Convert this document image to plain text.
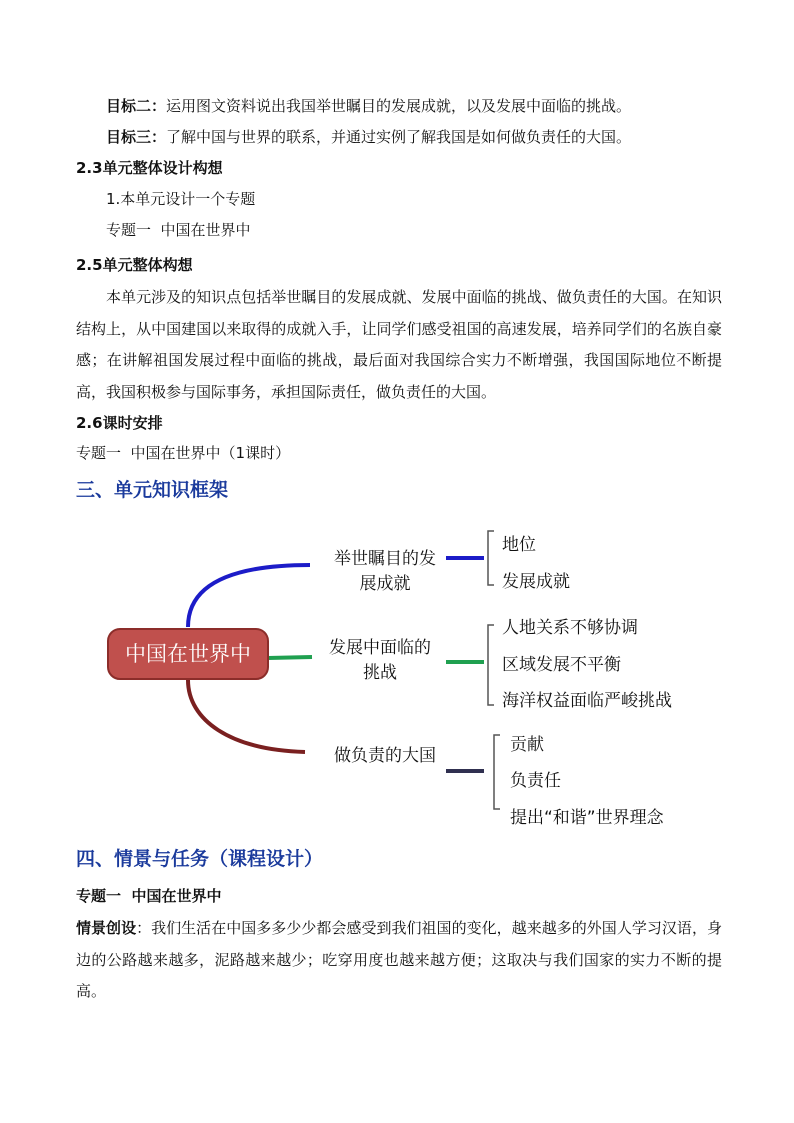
目标二：运用图文资料说出我国举世瞩目的发展成就，以及发展中面临的挑战。
目标三：了解中国与世界的联系，并通过实例了解我国是如何做负责任的大国。
2.3单元整体设计构想
1.本单元设计一个专题
专题一  中国在世界中
2.5单元整体构想
本单元涉及的知识点包括举世瞩目的发展成就、发展中面临的挑战、做负责任的大国。在知识结构上，从中国建国以来取得的成就入手，让同学们感受祖国的高速发展，培养同学们的名族自豪感；在讲解祖国发展过程中面临的挑战，最后面对我国综合实力不断增强，我国国际地位不断提高，我国积极参与国际事务，承担国际责任，做负责任的大国。
2.6课时安排
专题一  中国在世界中（1课时）
三、单元知识框架
中国在世界中
举世瞩目的发
展成就
地位
发展成就
发展中面临的
挑战
人地关系不够协调
区域发展不平衡
海洋权益面临严峻挑战
做负责的大国
贡献
负责任
提出“和谐”世界理念
四、情景与任务（课程设计）
专题一  中国在世界中
情景创设：我们生活在中国多多少少都会感受到我们祖国的变化，越来越多的外国人学习汉语，身边的公路越来越多，泥路越来越少；吃穿用度也越来越方便；这取决与我们国家的实力不断的提高。
